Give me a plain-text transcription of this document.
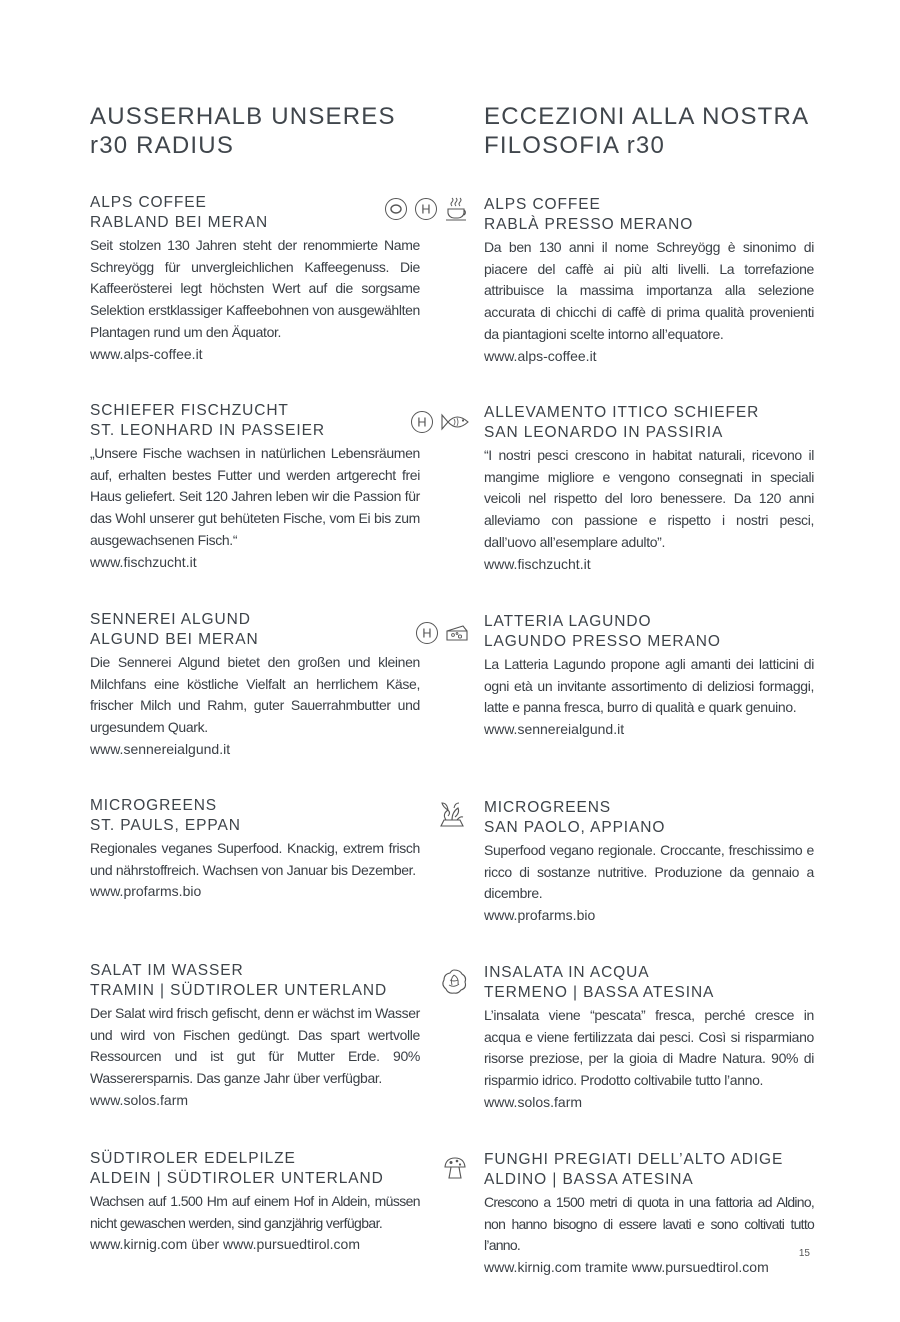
AUSSERHALB UNSERES
r30 RADIUS
ALPS COFFEE
RABLAND BEI MERAN

Seit stolzen 130 Jahren steht der renommierte Name Schreyögg für unvergleichlichen Kaffeegenuss. Die Kaffeerösterei legt höchsten Wert auf die sorgsame Selektion erstklassiger Kaffeebohnen von ausgewählten Plantagen rund um den Äquator.

www.alps-coffee.it
SCHIEFER FISCHZUCHT
ST. LEONHARD IN PASSEIER

„Unsere Fische wachsen in natürlichen Lebensräumen auf, erhalten bestes Futter und werden artgerecht frei Haus geliefert. Seit 120 Jahren leben wir die Passion für das Wohl unserer gut behüteten Fische, vom Ei bis zum ausgewachsenen Fisch.“

www.fischzucht.it
SENNEREI ALGUND
ALGUND BEI MERAN

Die Sennerei Algund bietet den großen und kleinen Milchfans eine köstliche Vielfalt an herrlichem Käse, frischer Milch und Rahm, guter Sauerrahmbutter und urgesundem Quark.

www.sennereialgund.it
MICROGREENS
ST. PAULS, EPPAN

Regionales veganes Superfood. Knackig, extrem frisch und nährstoffreich. Wachsen von Januar bis Dezember.

www.profarms.bio
SALAT IM WASSER
TRAMIN | SÜDTIROLER UNTERLAND

Der Salat wird frisch gefischt, denn er wächst im Wasser und wird von Fischen gedüngt. Das spart wertvolle Ressourcen und ist gut für Mutter Erde. 90% Wasserersparnis. Das ganze Jahr über verfügbar.

www.solos.farm
SÜDTIROLER EDELPILZE
ALDEIN | SÜDTIROLER UNTERLAND

Wachsen auf 1.500 Hm auf einem Hof in Aldein, müssen nicht gewaschen werden, sind ganzjährig verfügbar.

www.kirnig.com über www.pursuedtirol.com
H
H
H
ECCEZIONI ALLA NOSTRA
FILOSOFIA r30
ALPS COFFEE
RABLÀ PRESSO MERANO

Da ben 130 anni il nome Schreyögg è sinonimo di piacere del caffè ai più alti livelli. La torrefazione attribuisce la massima importanza alla selezione accurata di chicchi di caffè di prima qualità provenienti da piantagioni scelte intorno all’equatore.

www.alps-coffee.it
ALLEVAMENTO ITTICO SCHIEFER
SAN LEONARDO IN PASSIRIA

“I nostri pesci crescono in habitat naturali, ricevono il mangime migliore e vengono consegnati in speciali veicoli nel rispetto del loro benessere. Da 120 anni alleviamo con passione e rispetto i nostri pesci, dall’uovo all’esemplare adulto”.

www.fischzucht.it
LATTERIA LAGUNDO
LAGUNDO PRESSO MERANO

La Latteria Lagundo propone agli amanti dei latticini di ogni età un invitante assortimento di deliziosi formaggi, latte e panna fresca, burro di qualità e quark genuino.

www.sennereialgund.it
MICROGREENS
SAN PAOLO, APPIANO

Superfood vegano regionale. Croccante, freschissimo e ricco di sostanze nutritive. Produzione da gennaio a dicembre.

www.profarms.bio
INSALATA IN ACQUA
TERMENO | BASSA ATESINA

L’insalata viene “pescata” fresca, perché cresce in acqua e viene fertilizzata dai pesci. Così si risparmiano risorse preziose, per la gioia di Madre Natura. 90% di risparmio idrico. Prodotto coltivabile tutto l’anno.

www.solos.farm
FUNGHI PREGIATI DELL’ALTO ADIGE
ALDINO | BASSA ATESINA

Crescono a 1500 metri di quota in una fattoria ad Aldino, non hanno bisogno di essere lavati e sono coltivati tutto l’anno.

www.kirnig.com tramite www.pursuedtirol.com
15
